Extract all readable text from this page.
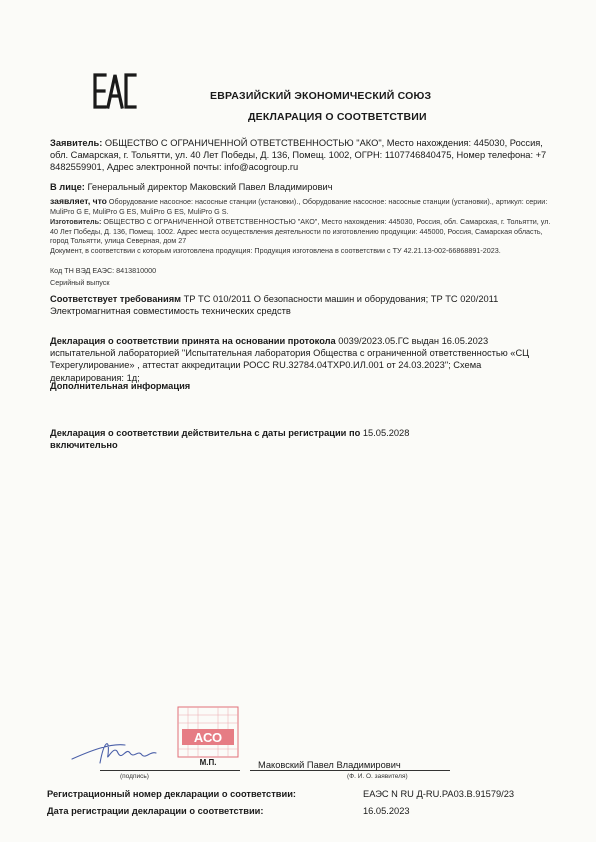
ЕВРАЗИЙСКИЙ ЭКОНОМИЧЕСКИЙ СОЮЗ
ДЕКЛАРАЦИЯ О СООТВЕТСТВИИ
Заявитель: ОБЩЕСТВО С ОГРАНИЧЕННОЙ ОТВЕТСТВЕННОСТЬЮ "АКО", Место нахождения: 445030, Россия, обл. Самарская, г. Тольятти, ул. 40 Лет Победы, Д. 136, Помещ. 1002, ОГРН: 1107746840475, Номер телефона: +7 8482559901, Адрес электронной почты: info@acogroup.ru
В лице: Генеральный директор Маковский Павел Владимирович
заявляет, что Оборудование насосное: насосные станции (установки)., Оборудование насосное: насосные станции (установки)., артикул: серии: MuliPro G E, MuliPro G ES, MuliPro G ES, MuliPro G S.
Изготовитель: ОБЩЕСТВО С ОГРАНИЧЕННОЙ ОТВЕТСТВЕННОСТЬЮ "АКО", Место нахождения: 445030, Россия, обл. Самарская, г. Тольятти, ул. 40 Лет Победы, Д. 136, Помещ. 1002. Адрес места осуществления деятельности по изготовлению продукции: 445000, Россия, Самарская область, город Тольятти, улица Северная, дом 27
Документ, в соответствии с которым изготовлена продукция: Продукция изготовлена в соответствии с ТУ 42.21.13-002-66868891-2023.
Код ТН ВЭД ЕАЭС: 8413810000
Серийный выпуск
Соответствует требованиям ТР ТС 010/2011 О безопасности машин и оборудования; ТР ТС 020/2011 Электромагнитная совместимость технических средств
Декларация о соответствии принята на основании протокола 0039/2023.05.ГС выдан 16.05.2023 испытательной лабораторией "Испытательная лаборатория Общества с ограниченной ответственностью «СЦ Техрегулирование» , аттестат аккредитации РОСС RU.32784.04ТХР0.ИЛ.001 от 24.03.2023"; Схема декларирования: 1д;
Дополнительная информация
Декларация о соответствии действительна с даты регистрации по 15.05.2028
включительно
АСО
М.П.	Маковский Павел Владимирович
(подпись)	(Ф. И. О. заявителя)
Регистрационный номер декларации о соответствии:	ЕАЭС N RU Д-RU.PA03.B.91579/23
Дата регистрации декларации о соответствии:	16.05.2023
